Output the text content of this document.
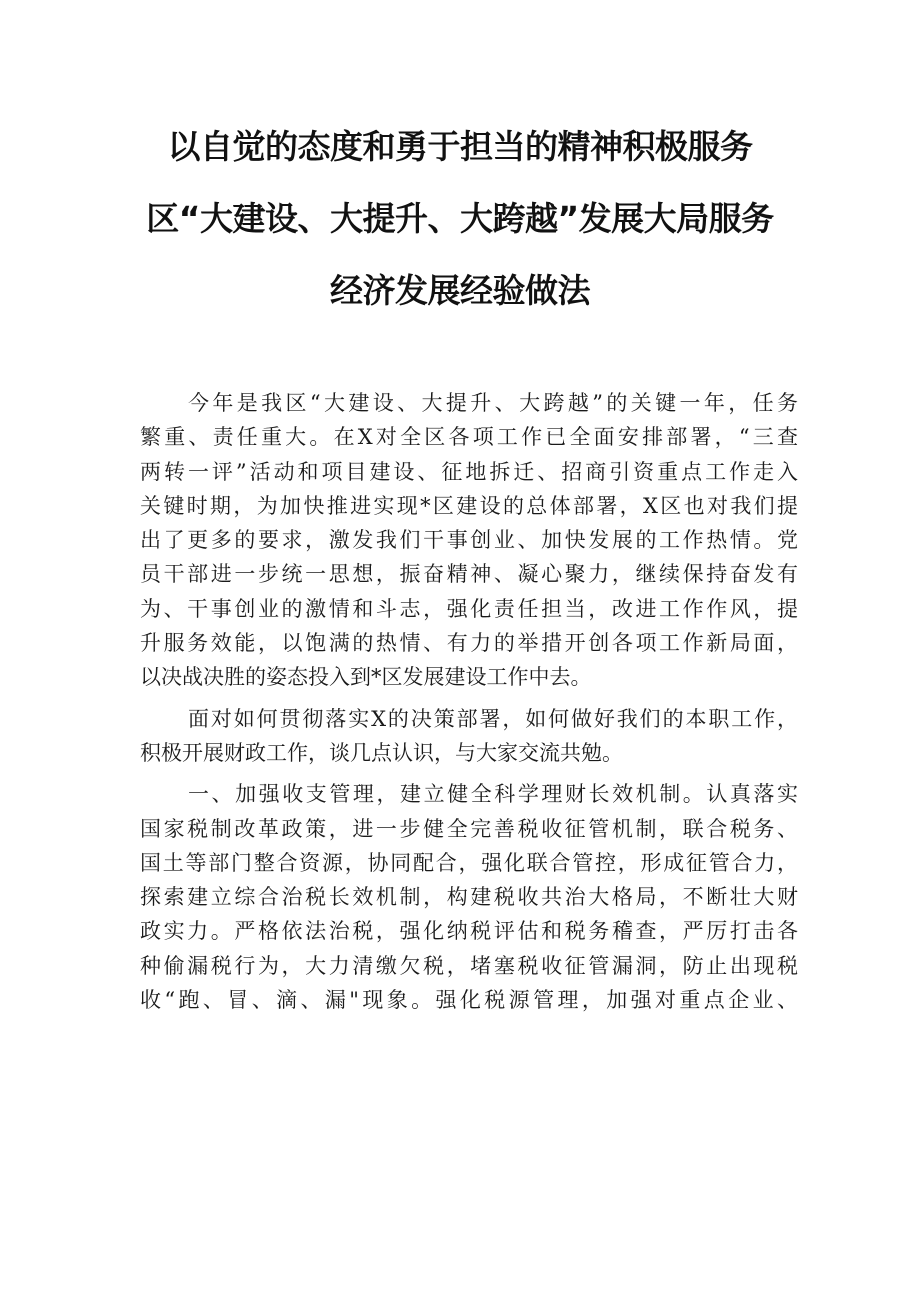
以自觉的态度和勇于担当的精神积极服务
区“大建设、大提升、大跨越”发展大局服务
经济发展经验做法
今年是我区“大建设、大提升、大跨越”的关键一年，任务
繁重、责任重大。在X对全区各项工作已全面安排部署，“三查
两转一评”活动和项目建设、征地拆迁、招商引资重点工作走入
关键时期，为加快推进实现*区建设的总体部署，X区也对我们提
出了更多的要求，激发我们干事创业、加快发展的工作热情。党
员干部进一步统一思想，振奋精神、凝心聚力，继续保持奋发有
为、干事创业的激情和斗志，强化责任担当，改进工作作风，提
升服务效能，以饱满的热情、有力的举措开创各项工作新局面，
以决战决胜的姿态投入到*区发展建设工作中去。
面对如何贯彻落实X的决策部署，如何做好我们的本职工作，
积极开展财政工作，谈几点认识，与大家交流共勉。
一、加强收支管理，建立健全科学理财长效机制。认真落实
国家税制改革政策，进一步健全完善税收征管机制，联合税务、
国土等部门整合资源，协同配合，强化联合管控，形成征管合力，
探索建立综合治税长效机制，构建税收共治大格局，不断壮大财
政实力。严格依法治税，强化纳税评估和税务稽查，严厉打击各
种偷漏税行为，大力清缴欠税，堵塞税收征管漏洞，防止出现税
收“跑、冒、滴、漏"现象。强化税源管理，加强对重点企业、
